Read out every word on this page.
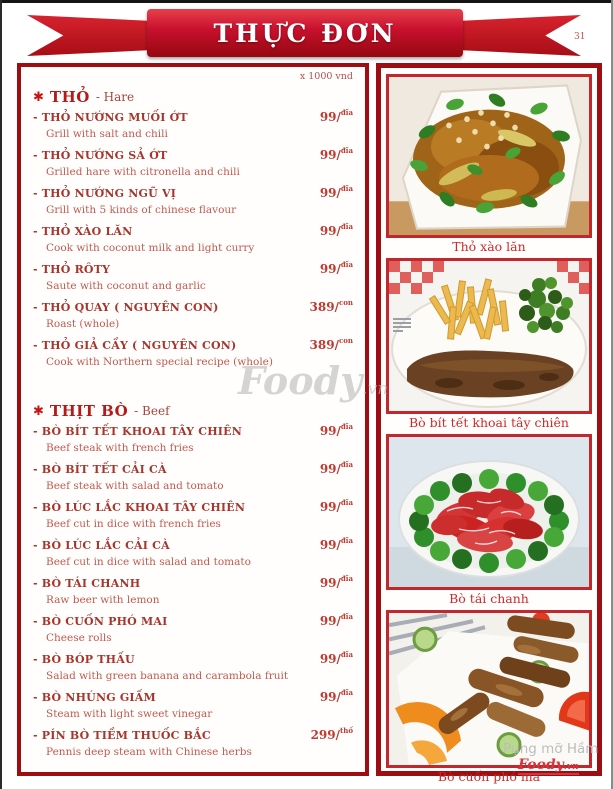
THỰC ĐƠN	31
x 1000 vnd
✱ THỎ - Hare
- THỎ NƯỚNG MUỐI ỚT	99/$^{đĩa}$
Grill with salt and chili
- THỎ NƯỚNG SẢ ỚT	99/$^{đĩa}$
Grilled hare with citronella and chili
- THỎ NƯỚNG NGŨ VỊ	99/$^{đĩa}$
Grill with 5 kinds of chinese flavour
- THỎ XÀO LĂN	99/$^{đĩa}$
Cook with coconut milk and light curry
- THỎ RÔTY	99/$^{đĩa}$
Saute with coconut and garlic
- THỎ QUAY ( NGUYÊN CON)	389/$^{con}$
Roast (whole)
- THỎ GIẢ CẦY ( NGUYÊN CON)	389/$^{con}$
Cook with Northern special recipe (whole)
✱ THỊT BÒ - Beef
- BÒ BÍT TẾT KHOAI TÂY CHIÊN	99/$^{đĩa}$
Beef steak with french fries
- BÒ BÍT TẾT CẢI CÀ	99/$^{đĩa}$
Beef steak with salad and tomato
- BÒ LÚC LẮC KHOAI TÂY CHIÊN	99/$^{đĩa}$
Beef cut in dice with french fries
- BÒ LÚC LẮC CẢI CÀ	99/$^{đĩa}$
Beef cut in dice with salad and tomato
- BÒ TÁI CHANH	99/$^{đĩa}$
Raw beer with lemon
- BÒ CUỐN PHÓ MAI	99/$^{đĩa}$
Cheese rolls
- BÒ BÓP THẤU	99/$^{đĩa}$
Salad with green banana and carambola fruit
- BÒ NHÚNG GIẤM	99/$^{đĩa}$
Steam with light sweet vinegar
- PÍN BÒ TIỀM THUỐC BẮC	299/$^{thố}$
Pennis deep steam with Chinese herbs
Thỏ xào lăn
Bò bít tết khoai tây chiên
Bò tái chanh
Bò cuốn phó ma
Foody.vn
Pụng mỡ Hầm
Foody.vn
